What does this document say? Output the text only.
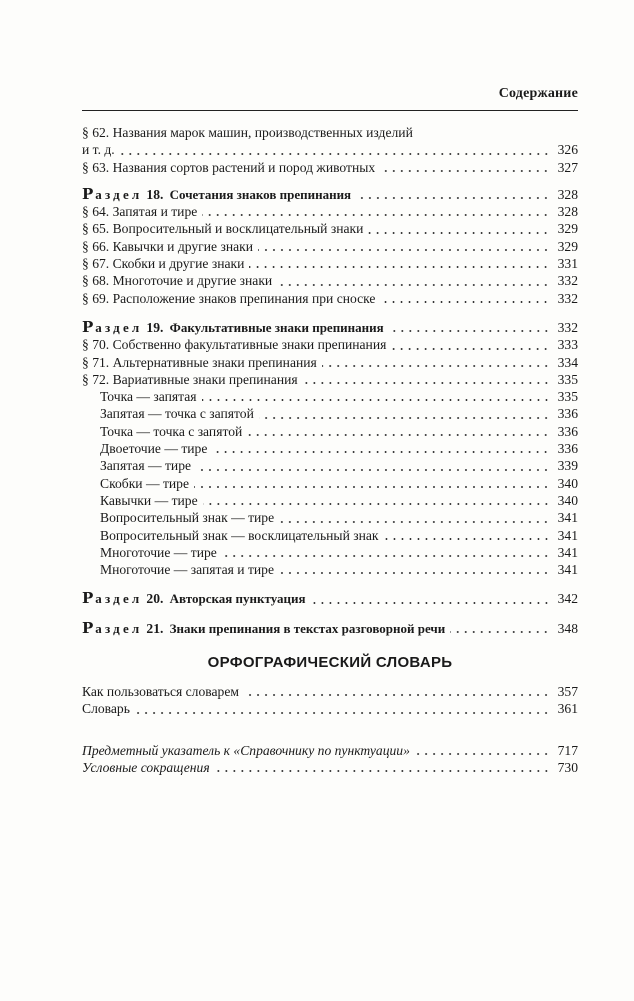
Содержание
§ 62. Названия марок машин, производственных изделий
и т. д.	326
§ 63. Названия сортов растений и пород животных	327
Раздел 18. Сочетания знаков препинания	328
§ 64. Запятая и тире	328
§ 65. Вопросительный и восклицательный знаки	329
§ 66. Кавычки и другие знаки	329
§ 67. Скобки и другие знаки	331
§ 68. Многоточие и другие знаки	332
§ 69. Расположение знаков препинания при сноске	332
Раздел 19. Факультативные знаки препинания	332
§ 70. Собственно факультативные знаки препинания	333
§ 71. Альтернативные знаки препинания	334
§ 72. Вариативные знаки препинания	335
Точка — запятая	335
Запятая — точка с запятой	336
Точка — точка с запятой	336
Двоеточие — тире	336
Запятая — тире	339
Скобки — тире	340
Кавычки — тире	340
Вопросительный знак — тире	341
Вопросительный знак — восклицательный знак	341
Многоточие — тире	341
Многоточие — запятая и тире	341
Раздел 20. Авторская пунктуация	342
Раздел 21. Знаки препинания в текстах разговорной речи	348
ОРФОГРАФИЧЕСКИЙ СЛОВАРЬ
Как пользоваться словарем	357
Словарь	361
Предметный указатель к «Справочнику по пунктуации»	717
Условные сокращения	730
